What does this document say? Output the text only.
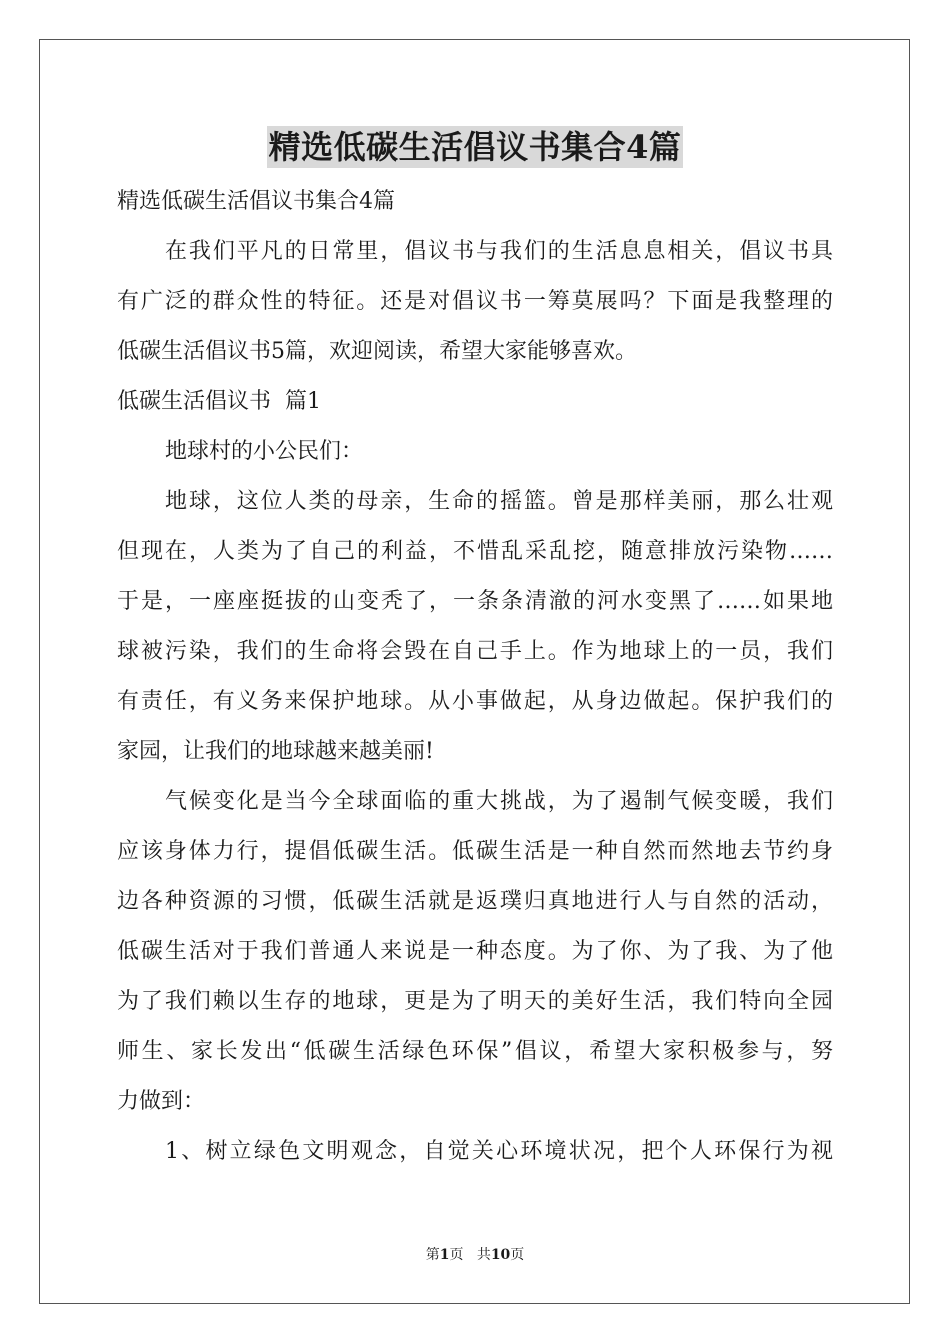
精选低碳生活倡议书集合4篇
精选低碳生活倡议书集合4篇
在我们平凡的日常里，倡议书与我们的生活息息相关，倡议书具
有广泛的群众性的特征。还是对倡议书一筹莫展吗？下面是我整理的
低碳生活倡议书5篇，欢迎阅读，希望大家能够喜欢。
低碳生活倡议书  篇1
地球村的小公民们：
地球，这位人类的母亲，生命的摇篮。曾是那样美丽，那么壮观
但现在，人类为了自己的利益，不惜乱采乱挖，随意排放污染物……
于是，一座座挺拔的山变秃了，一条条清澈的河水变黑了……如果地
球被污染，我们的生命将会毁在自己手上。作为地球上的一员，我们
有责任，有义务来保护地球。从小事做起，从身边做起。保护我们的
家园，让我们的地球越来越美丽!
气候变化是当今全球面临的重大挑战，为了遏制气候变暖，我们
应该身体力行，提倡低碳生活。低碳生活是一种自然而然地去节约身
边各种资源的习惯，低碳生活就是返璞归真地进行人与自然的活动，
低碳生活对于我们普通人来说是一种态度。为了你、为了我、为了他
为了我们赖以生存的地球，更是为了明天的美好生活，我们特向全园
师生、家长发出“低碳生活绿色环保”倡议，希望大家积极参与，努
力做到：
1、树立绿色文明观念，自觉关心环境状况，把个人环保行为视
第1页 共10页
